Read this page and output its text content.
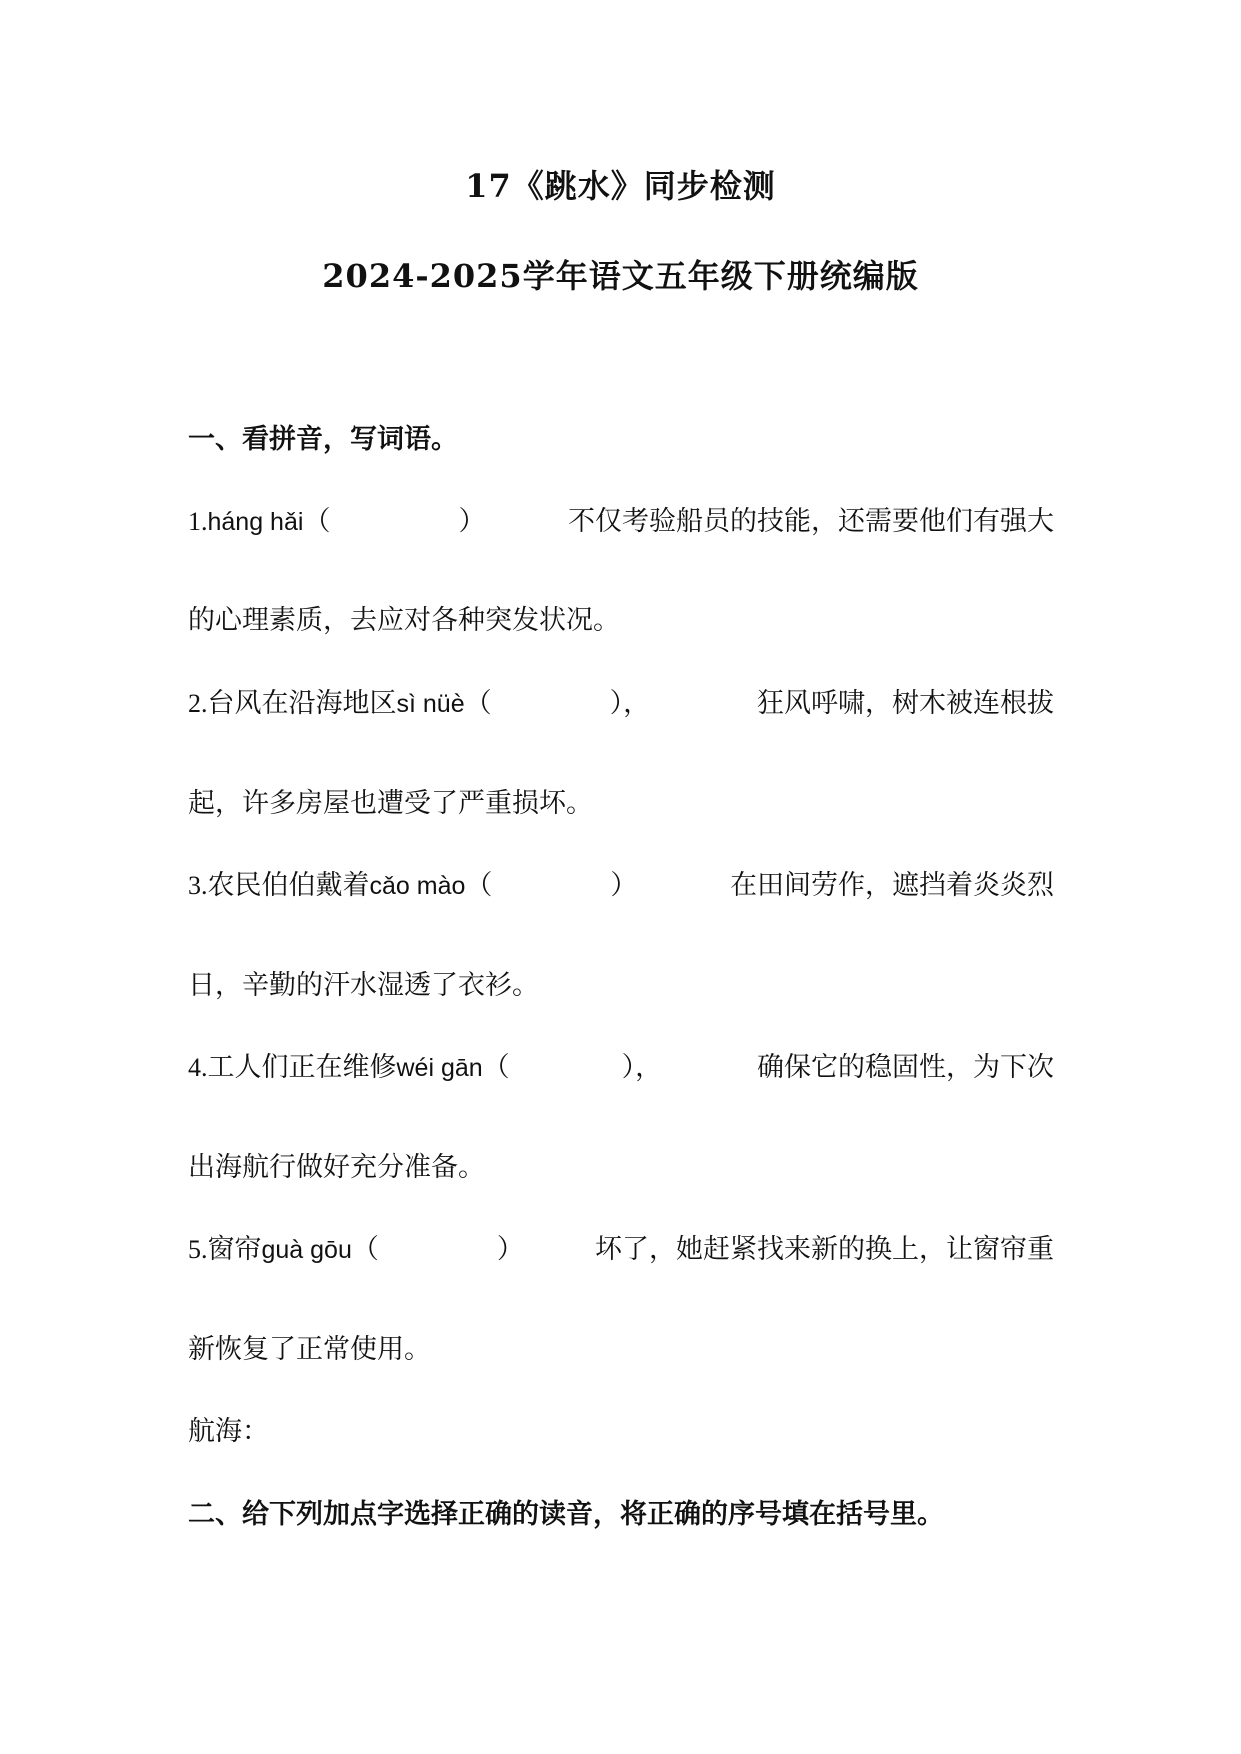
17《跳水》同步检测
2024-2025学年语文五年级下册统编版
一、看拼音，写词语。
1.háng hǎi（	）	不仅考验船员的技能，还需要他们有强大
的心理素质，去应对各种突发状况。
2.台风在沿海地区sì nüè（	），	狂风呼啸，树木被连根拔
起，许多房屋也遭受了严重损坏。
3.农民伯伯戴着cǎo mào（	）	在田间劳作，遮挡着炎炎烈
日，辛勤的汗水湿透了衣衫。
4.工人们正在维修wéi gān（	），	确保它的稳固性，为下次
出海航行做好充分准备。
5.窗帘guà gōu（	）	坏了，她赶紧找来新的换上，让窗帘重
新恢复了正常使用。
航海：
二、给下列加点字选择正确的读音，将正确的序号填在括号里。
